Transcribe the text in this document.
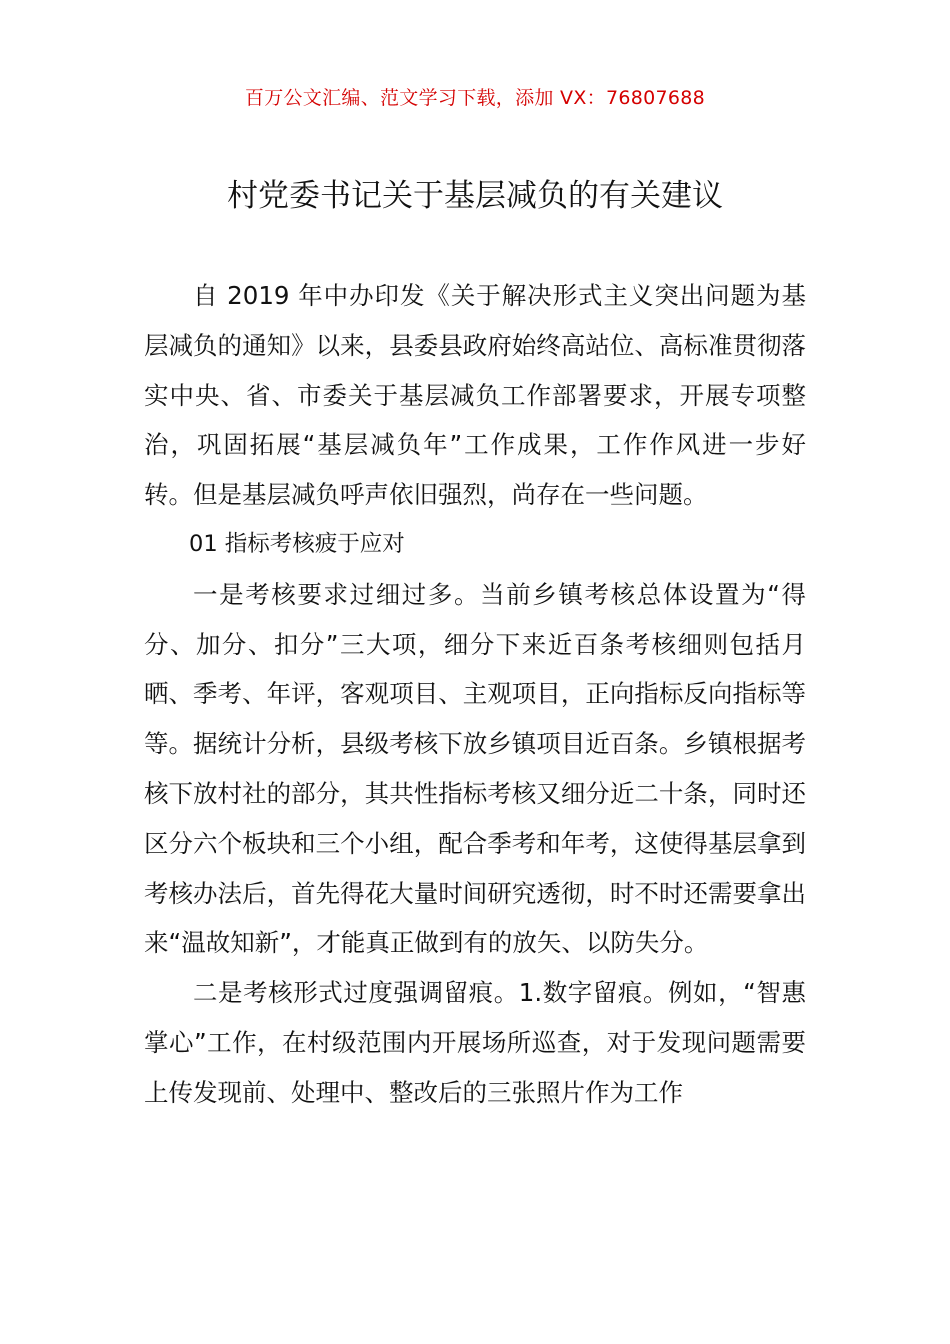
百万公文汇编、范文学习下载，添加 VX：76807688
村党委书记关于基层减负的有关建议

自 2019 年中办印发《关于解决形式主义突出问题为基层减负的通知》以来，县委县政府始终高站位、高标准贯彻落实中央、省、市委关于基层减负工作部署要求，开展专项整治，巩固拓展“基层减负年”工作成果，工作作风进一步好转。但是基层减负呼声依旧强烈，尚存在一些问题。

01 指标考核疲于应对

一是考核要求过细过多。当前乡镇考核总体设置为“得分、加分、扣分”三大项，细分下来近百条考核细则包括月晒、季考、年评，客观项目、主观项目，正向指标反向指标等等。据统计分析，县级考核下放乡镇项目近百条。乡镇根据考核下放村社的部分，其共性指标考核又细分近二十条，同时还区分六个板块和三个小组，配合季考和年考，这使得基层拿到考核办法后，首先得花大量时间研究透彻，时不时还需要拿出来“温故知新”，才能真正做到有的放矢、以防失分。

二是考核形式过度强调留痕。1.数字留痕。例如，“智惠掌心”工作，在村级范围内开展场所巡查，对于发现问题需要上传发现前、处理中、整改后的三张照片作为工作
